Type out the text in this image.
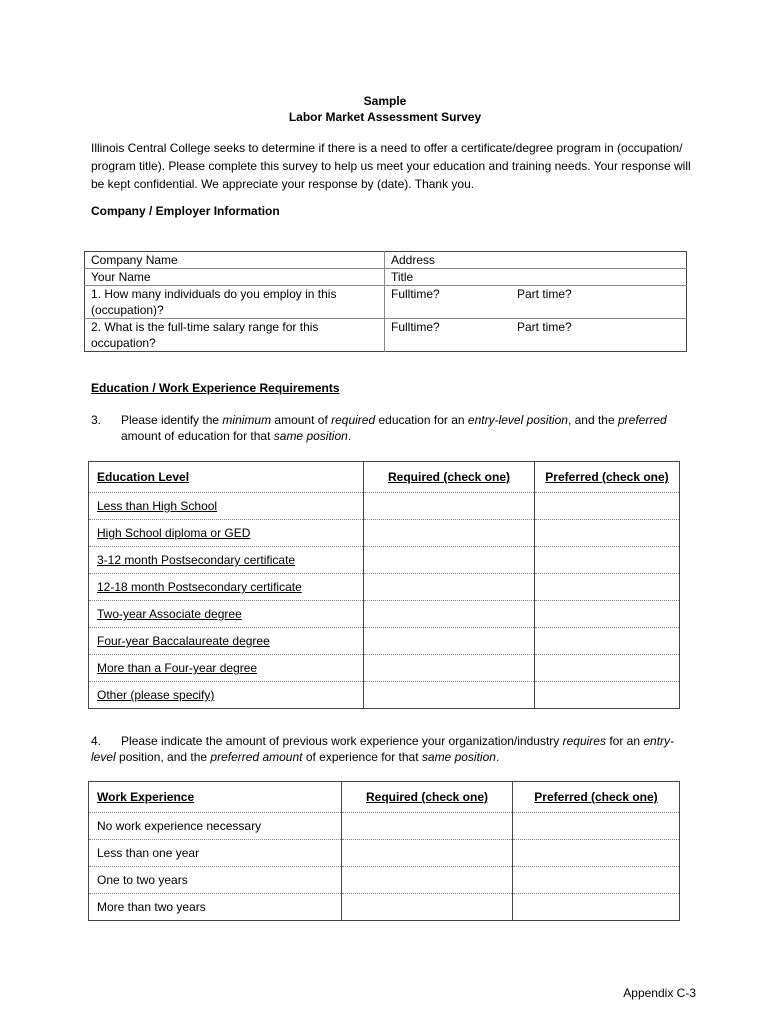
Sample
Labor Market Assessment Survey
Illinois Central College seeks to determine if there is a need to offer a certificate/degree program in (occupation/ program title). Please complete this survey to help us meet your education and training needs. Your response will be kept confidential. We appreciate your response by (date). Thank you.
Company / Employer Information
Company Name	Address	
Your Name	Title	
1. How many individuals do you employ in this (occupation)?	Fulltime?	Part time?
2. What is the full-time salary range for this occupation?	Fulltime?	Part time?
Education / Work Experience Requirements
3. Please identify the minimum amount of required education for an entry-level position, and the preferred amount of education for that same position.
Education Level	Required (check one)	Preferred (check one)
Less than High School		
High School diploma or GED		
3-12 month Postsecondary certificate		
12-18 month Postsecondary certificate		
Two-year Associate degree		
Four-year Baccalaureate degree		
More than a Four-year degree		
Other (please specify)		
4. Please indicate the amount of previous work experience your organization/industry requires for an entry-level position, and the preferred amount of experience for that same position.
Work Experience	Required (check one)	Preferred (check one)
No work experience necessary		
Less than one year		
One to two years		
More than two years		
Appendix C-3
